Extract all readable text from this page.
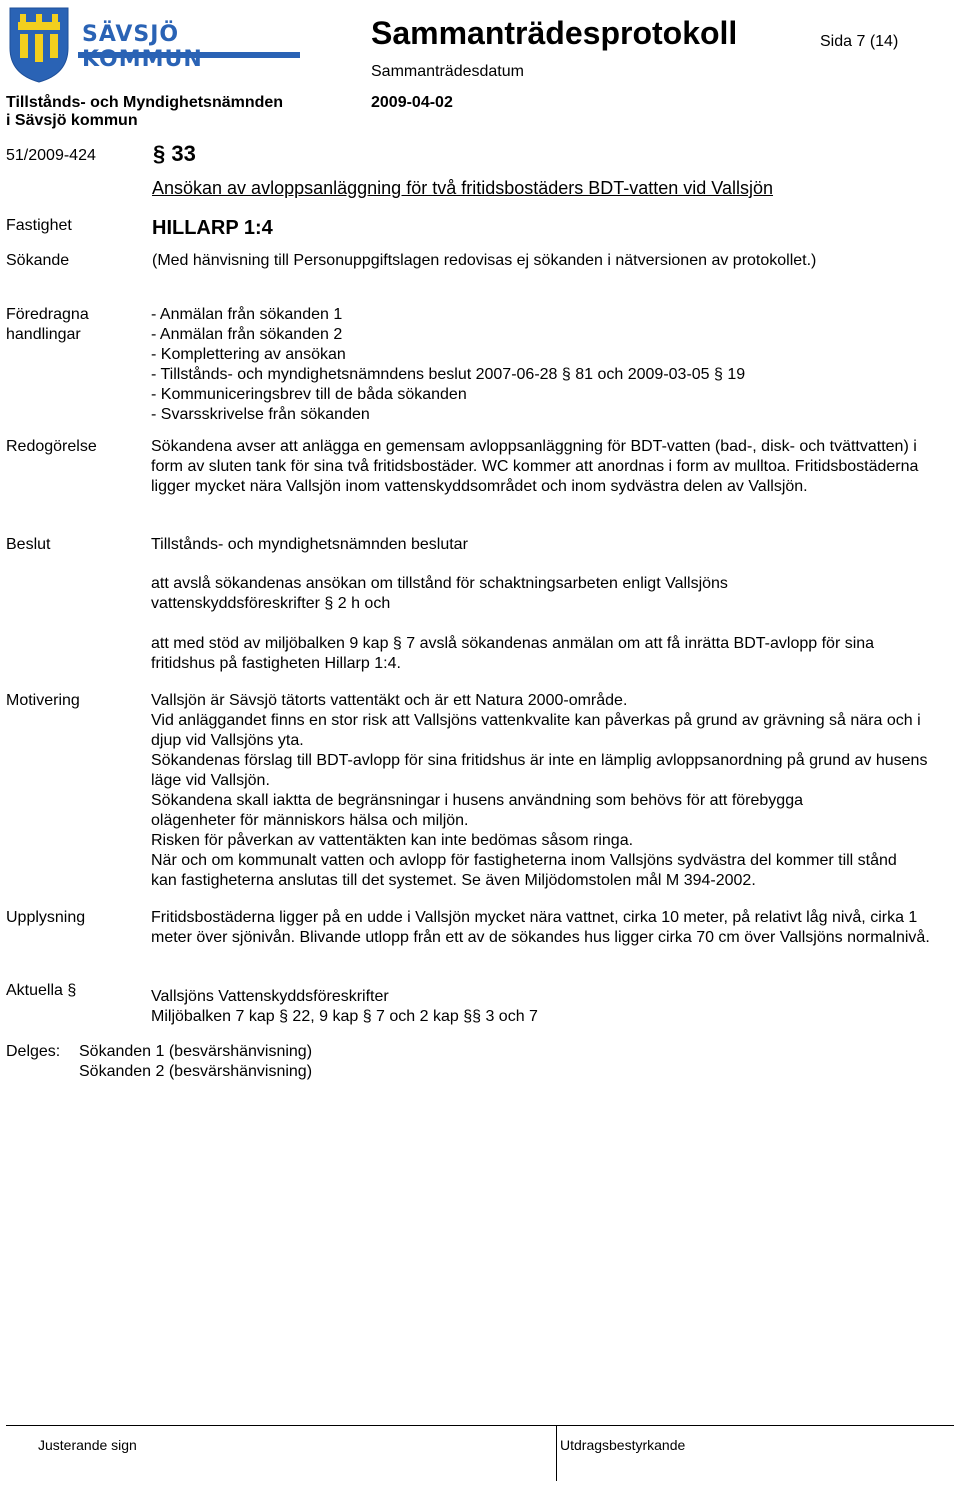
SÄVSJÖ KOMMUN
Sammanträdesprotokoll	Sida 7 (14)
Sammanträdesdatum
2009-04-02
Tillstånds- och Myndighetsnämnden
i Sävsjö kommun
51/2009-424	§ 33
Ansökan av avloppsanläggning för två fritidsbostäders BDT-vatten vid Vallsjön
Fastighet	HILLARP 1:4
Sökande	(Med hänvisning till Personuppgiftslagen redovisas ej sökanden i nätversionen av protokollet.)
Föredragna
handlingar
- Anmälan från sökanden 1
- Anmälan från sökanden 2
- Komplettering av ansökan
- Tillstånds- och myndighetsnämndens beslut 2007-06-28 § 81 och 2009-03-05 § 19
- Kommuniceringsbrev till de båda sökanden
- Svarsskrivelse från sökanden
Redogörelse	Sökandena avser att anlägga en gemensam avloppsanläggning för BDT-vatten (bad-, disk- och tvättvatten) i form av sluten tank för sina två fritidsbostäder. WC kommer att anordnas i form av mulltoa. Fritidsbostäderna ligger mycket nära Vallsjön inom vattenskyddsområdet och inom sydvästra delen av Vallsjön.
Beslut	Tillstånds- och myndighetsnämnden beslutar
att avslå sökandenas ansökan om tillstånd för schaktningsarbeten enligt Vallsjöns vattenskyddsföreskrifter § 2 h och
att med stöd av miljöbalken 9 kap § 7 avslå sökandenas anmälan om att få inrätta BDT-avlopp för sina fritidshus på fastigheten Hillarp 1:4.
Motivering	Vallsjön är Sävsjö tätorts vattentäkt och är ett Natura 2000-område.

Vid anläggandet finns en stor risk att Vallsjöns vattenkvalite kan påverkas på grund av grävning så nära och i djup vid Vallsjöns yta.

Sökandenas förslag till BDT-avlopp för sina fritidshus är inte en lämplig avloppsanordning på grund av husens läge vid Vallsjön.

Sökandena skall iaktta de begränsningar i husens användning som behövs för att förebygga olägenheter för människors hälsa och miljön.

Risken för påverkan av vattentäkten kan inte bedömas såsom ringa.

När och om kommunalt vatten och avlopp för fastigheterna inom Vallsjöns sydvästra del kommer till stånd kan fastigheterna anslutas till det systemet. Se även Miljödomstolen mål M 394-2002.

Upplysning	Fritidsbostäderna ligger på en udde i Vallsjön mycket nära vattnet, cirka 10 meter, på relativt låg nivå, cirka 1 meter över sjönivån. Blivande utlopp från ett av de sökandes hus ligger cirka 70 cm över Vallsjöns normalnivå.
Aktuella §	Vallsjöns Vattenskyddsföreskrifter
Miljöbalken 7 kap § 22, 9 kap § 7 och 2 kap §§ 3 och 7
Delges: Sökanden 1 (besvärshänvisning)
Sökanden 2 (besvärshänvisning)
Justerande sign	Utdragsbestyrkande
